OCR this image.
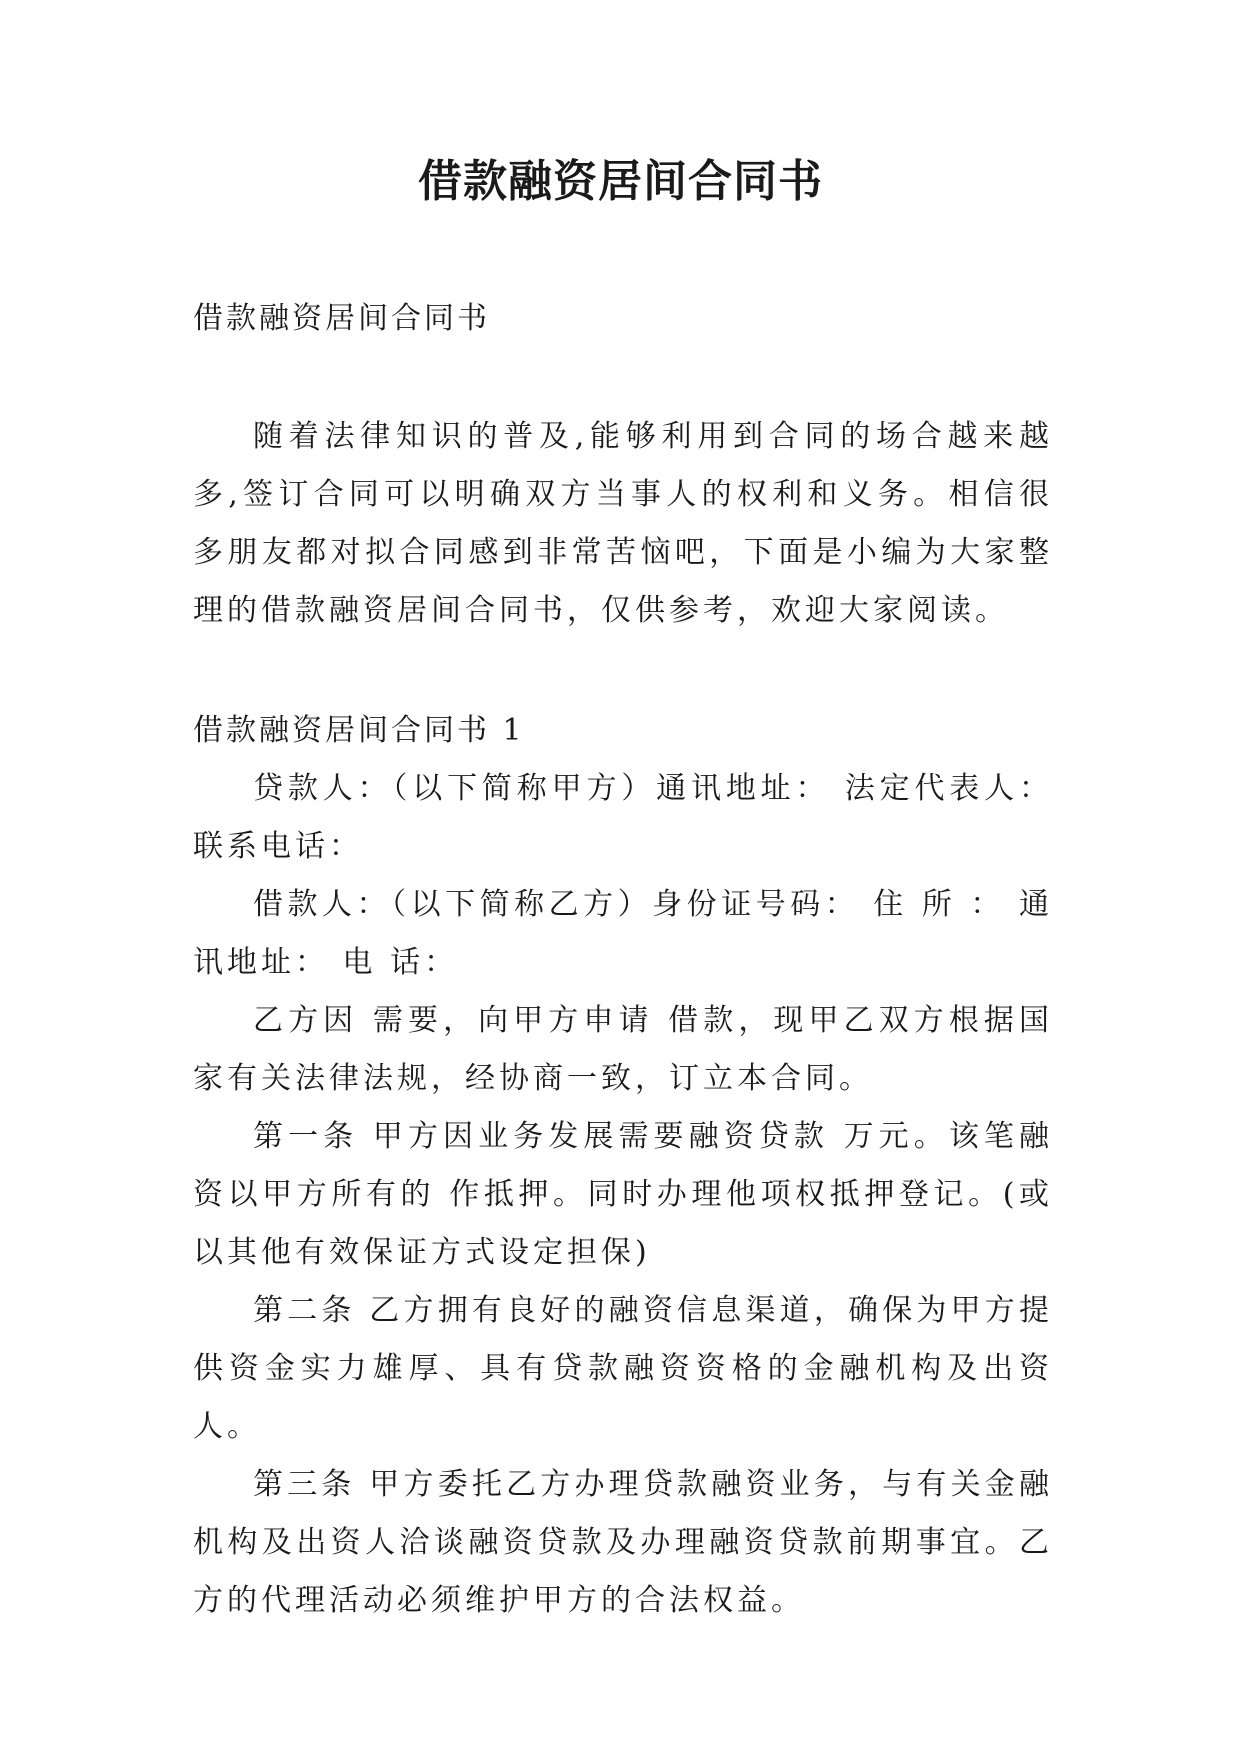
借款融资居间合同书

借款融资居间合同书

随着法律知识的普及,能够利用到合同的场合越来越多,签订合同可以明确双方当事人的权利和义务。相信很多朋友都对拟合同感到非常苦恼吧，下面是小编为大家整理的借款融资居间合同书，仅供参考，欢迎大家阅读。

借款融资居间合同书 1

贷款人：（以下简称甲方）通讯地址： 法定代表人：联系电话：

借款人：（以下简称乙方）身份证号码： 住 所 ： 通讯地址： 电 话：

乙方因 需要，向甲方申请 借款，现甲乙双方根据国家有关法律法规，经协商一致，订立本合同。

第一条 甲方因业务发展需要融资贷款 万元。该笔融资以甲方所有的 作抵押。同时办理他项权抵押登记。(或以其他有效保证方式设定担保)

第二条 乙方拥有良好的融资信息渠道，确保为甲方提供资金实力雄厚、具有贷款融资资格的金融机构及出资人。

第三条 甲方委托乙方办理贷款融资业务，与有关金融机构及出资人洽谈融资贷款及办理融资贷款前期事宜。乙方的代理活动必须维护甲方的合法权益。
